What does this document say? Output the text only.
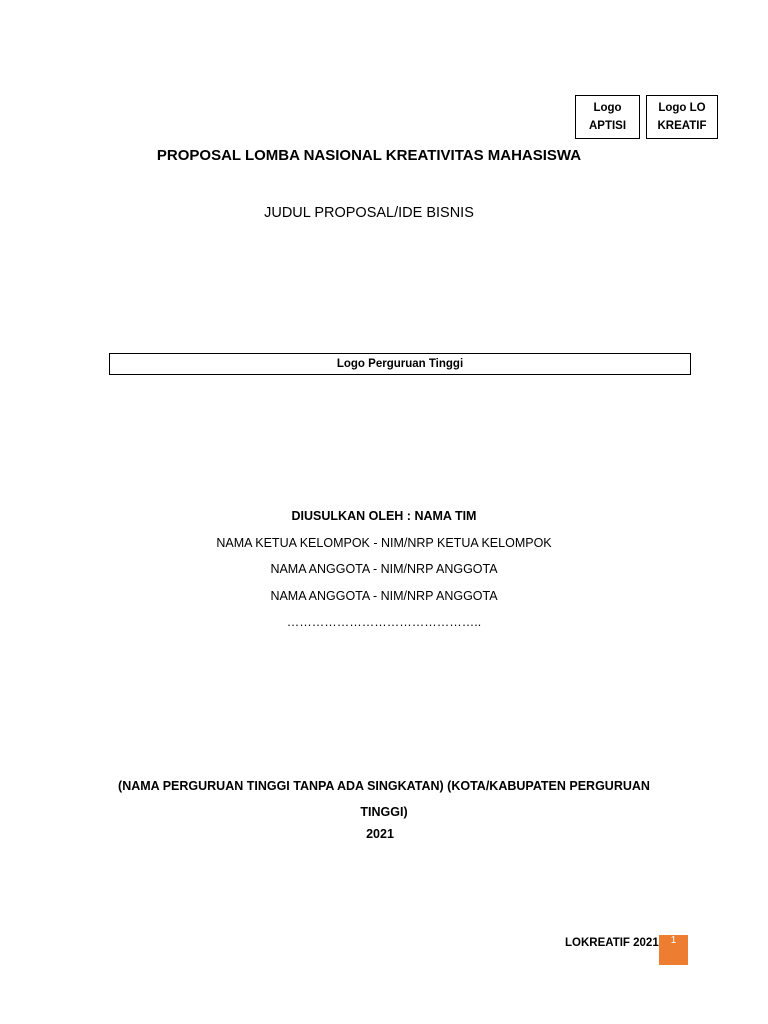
Logo
APTISI
Logo LO
KREATIF
PROPOSAL LOMBA NASIONAL KREATIVITAS MAHASISWA
JUDUL PROPOSAL/IDE BISNIS
Logo Perguruan Tinggi
DIUSULKAN OLEH : NAMA TIM
NAMA KETUA KELOMPOK - NIM/NRP KETUA KELOMPOK
NAMA ANGGOTA - NIM/NRP ANGGOTA
NAMA ANGGOTA - NIM/NRP ANGGOTA
………………………………………..
(NAMA PERGURUAN TINGGI TANPA ADA SINGKATAN) (KOTA/KABUPATEN PERGURUAN
TINGGI)
2021
LOKREATIF 2021	1
